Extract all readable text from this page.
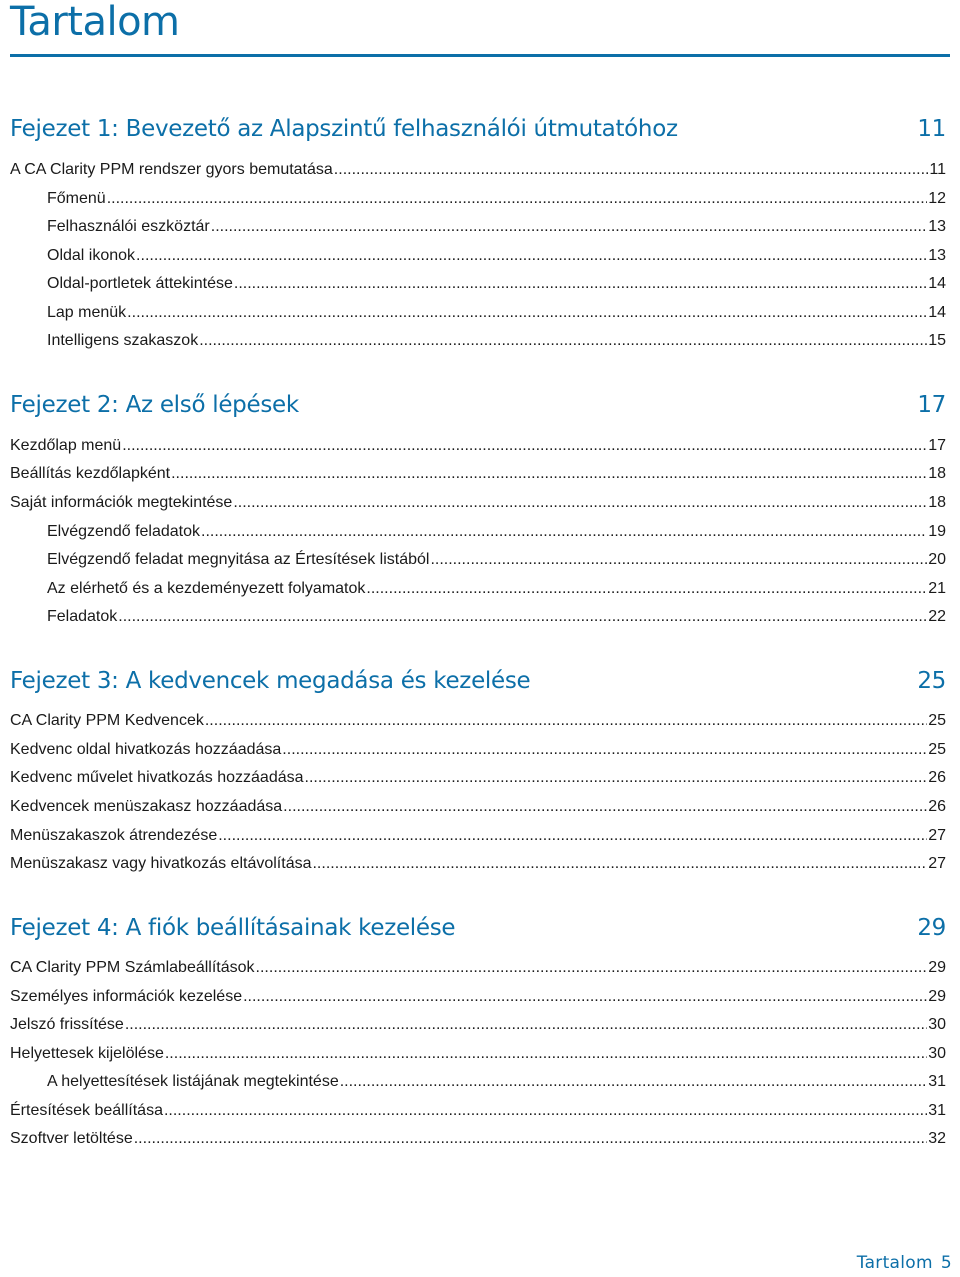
Tartalom
Fejezet 1: Bevezető az Alapszintű felhasználói útmutatóhoz	11
A CA Clarity PPM rendszer gyors bemutatása .....	11
Főmenü .....	12
Felhasználói eszköztár .....	13
Oldal ikonok .....	13
Oldal-portletek áttekintése .....	14
Lap menük .....	14
Intelligens szakaszok .....	15
Fejezet 2: Az első lépések	17
Kezdőlap menü .....	17
Beállítás kezdőlapként .....	18
Saját információk megtekintése .....	18
Elvégzendő feladatok .....	19
Elvégzendő feladat megnyitása az Értesítések listából .....	20
Az elérhető és a kezdeményezett folyamatok .....	21
Feladatok .....	22
Fejezet 3: A kedvencek megadása és kezelése	25
CA Clarity PPM Kedvencek .....	25
Kedvenc oldal hivatkozás hozzáadása .....	25
Kedvenc művelet hivatkozás hozzáadása .....	26
Kedvencek menüszakasz hozzáadása .....	26
Menüszakaszok átrendezése .....	27
Menüszakasz vagy hivatkozás eltávolítása .....	27
Fejezet 4: A fiók beállításainak kezelése	29
CA Clarity PPM Számlabeállítások .....	29
Személyes információk kezelése .....	29
Jelszó frissítése .....	30
Helyettesek kijelölése .....	30
A helyettesítések listájának megtekintése .....	31
Értesítések beállítása .....	31
Szoftver letöltése .....	32
Tartalom 5
